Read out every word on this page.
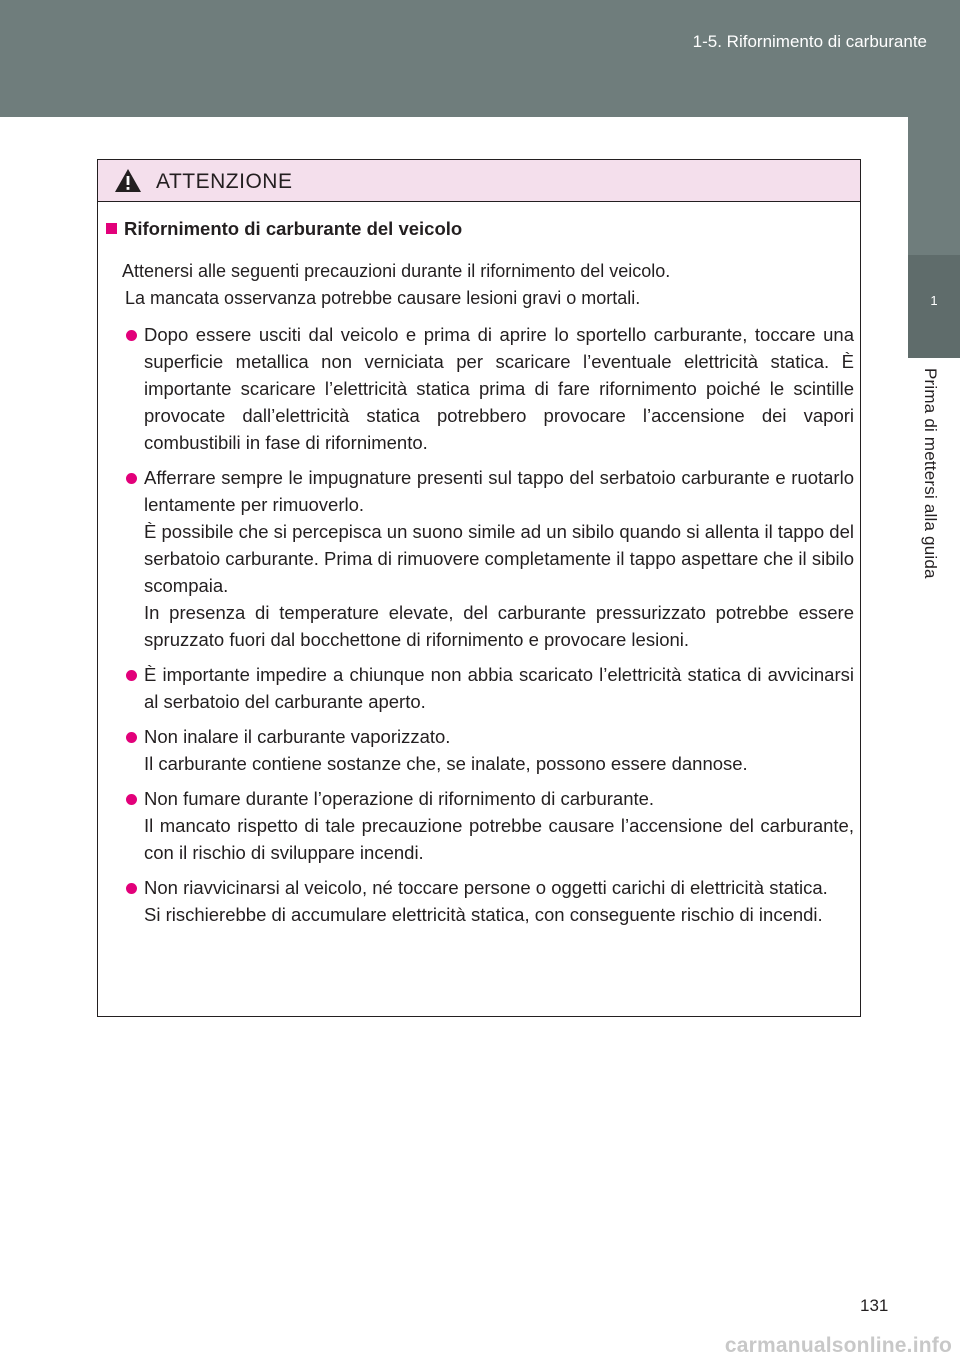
1-5. Rifornimento di carburante
1
Prima di mettersi alla guida
ATTENZIONE
Rifornimento di carburante del veicolo

Attenersi alle seguenti precauzioni durante il rifornimento del veicolo.

La mancata osservanza potrebbe causare lesioni gravi o mortali.

Dopo essere usciti dal veicolo e prima di aprire lo sportello carburante, toccare una superficie metallica non verniciata per scaricare l’eventuale elettricità statica. È importante scaricare l’elettricità statica prima di fare rifornimento poiché le scintille provocate dall’elettricità statica potrebbero provocare l’accensione dei vapori combustibili in fase di rifornimento.

Afferrare sempre le impugnature presenti sul tappo del serbatoio carburante e ruotarlo lentamente per rimuoverlo.

È possibile che si percepisca un suono simile ad un sibilo quando si allenta il tappo del serbatoio carburante. Prima di rimuovere completamente il tappo aspettare che il sibilo scompaia.

In presenza di temperature elevate, del carburante pressurizzato potrebbe essere spruzzato fuori dal bocchettone di rifornimento e provocare lesioni.

È importante impedire a chiunque non abbia scaricato l’elettricità statica di avvicinarsi al serbatoio del carburante aperto.

Non inalare il carburante vaporizzato.

Il carburante contiene sostanze che, se inalate, possono essere dannose.

Non fumare durante l’operazione di rifornimento di carburante.

Il mancato rispetto di tale precauzione potrebbe causare l’accensione del carburante, con il rischio di sviluppare incendi.

Non riavvicinarsi al veicolo, né toccare persone o oggetti carichi di elettricità statica.

Si rischierebbe di accumulare elettricità statica, con conseguente rischio di incendi.

131
carmanualsonline.info
